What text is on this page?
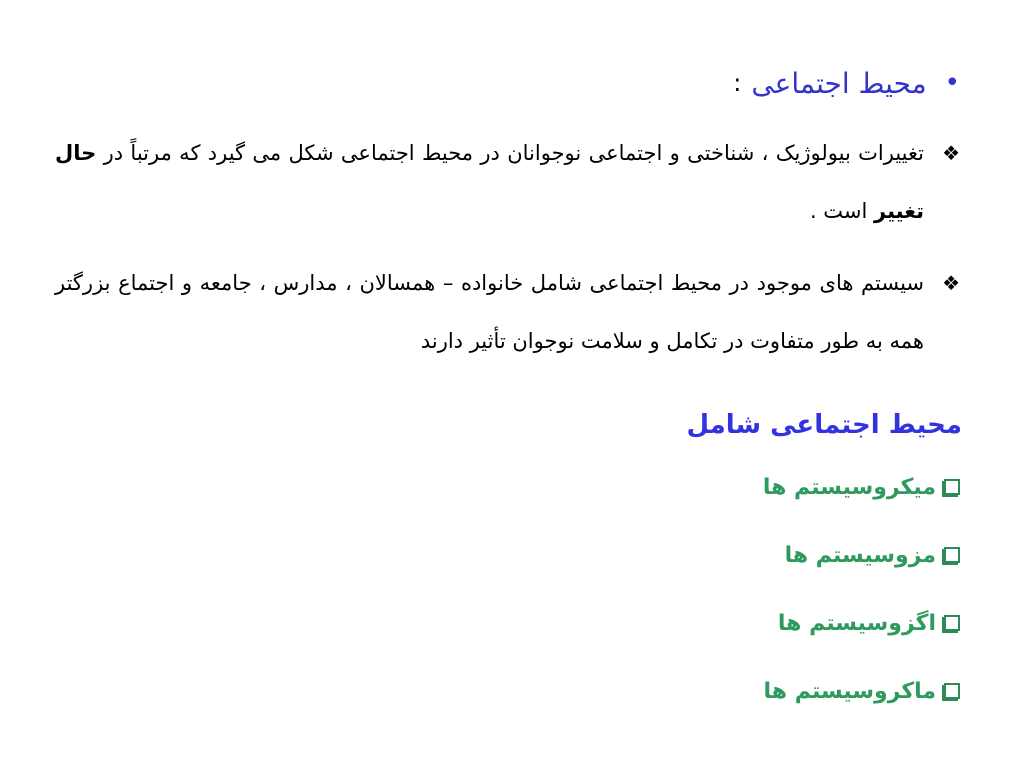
•
محیط اجتماعی
:
❖
تغییرات بیولوژیک ، شناختی و اجتماعی نوجوانان در محیط اجتماعی شکل می گیرد که مرتباً در حال تغییر است .
❖
سیستم های موجود در محیط اجتماعی شامل خانواده – همسالان ، مدارس ، جامعه و اجتماع بزرگتر همه به طور متفاوت در تکامل و سلامت نوجوان تأثیر دارند
محیط اجتماعی شامل
میکروسیستم ها
مزوسیستم ها
اگزوسیستم ها
ماکروسیستم ها
